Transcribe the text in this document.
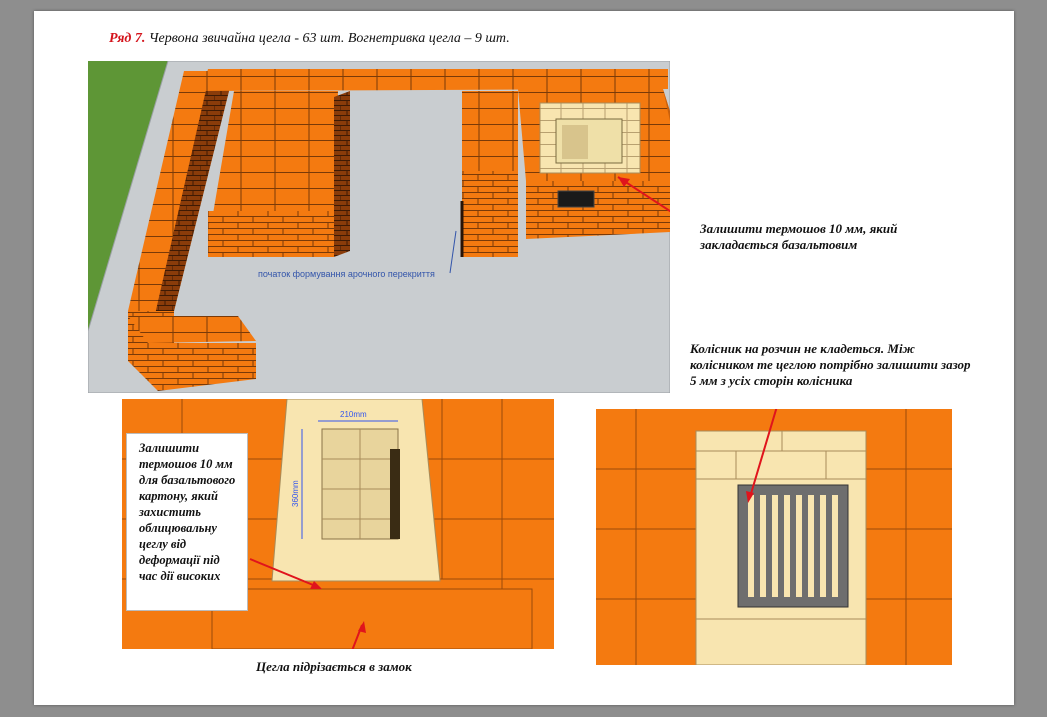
Ряд 7. Червона звичайна цегла - 63 шт. Вогнетривка цегла – 9 шт.
початок формування арочного перекриття
Залишити термошов 10 мм, який закладається базальтовим
Колісник на розчин не кладеться. Між колісником те цеглою потрібно залишити зазор 5 мм з усіх сторін колісника
210mm
360mm
Залишити термошов 10 мм для базальтового картону, який захистить облицювальну цеглу від деформації під час дії високих
Цегла підрізається в замок
